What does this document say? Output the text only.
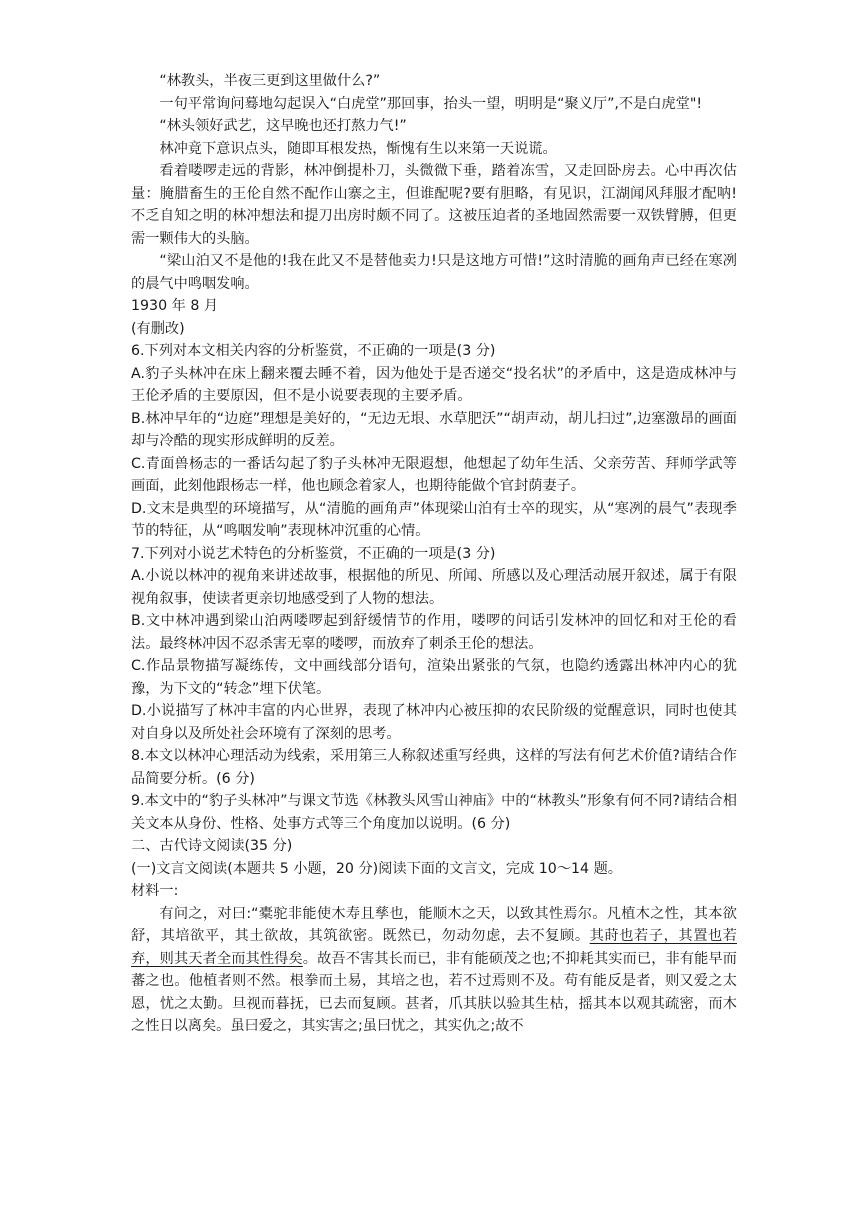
“林教头，半夜三更到这里做什么?”

一句平常询问蓦地勾起误入“白虎堂”那回事，抬头一望，明明是“聚义厅”,不是白虎堂"!

“林头领好武艺，这早晚也还打熬力气!”

林冲竟下意识点头，随即耳根发热，惭愧有生以来第一天说谎。

看着喽啰走远的背影，林冲倒提朴刀，头微微下垂，踏着冻雪，又走回卧房去。心中再次估量：腌腊畜生的王伦自然不配作山寨之主，但谁配呢?要有胆略，有见识，江湖闻风拜服才配呐!不乏自知之明的林冲想法和提刀出房时颇不同了。这被压迫者的圣地固然需要一双铁臂膊，但更需一颗伟大的头脑。

“梁山泊又不是他的!我在此又不是替他卖力!只是这地方可惜!”这时清脆的画角声已经在寒冽的晨气中鸣咽发响。

1930 年 8 月

(有删改)

6.下列对本文相关内容的分析鉴赏，不正确的一项是(3 分)

A.豹子头林冲在床上翻来覆去睡不着，因为他处于是否递交“投名状”的矛盾中，这是造成林冲与王伦矛盾的主要原因，但不是小说要表现的主要矛盾。

B.林冲早年的“边庭”理想是美好的，“无边无垠、水草肥沃”“胡声动，胡儿扫过”,边塞激昂的画面却与冷酷的现实形成鲜明的反差。

C.青面兽杨志的一番话勾起了豹子头林冲无限遐想，他想起了幼年生活、父亲劳苦、拜师学武等画面，此刻他跟杨志一样，他也顾念着家人，也期待能做个官封荫妻子。

D.文末是典型的环境描写，从“清脆的画角声”体现梁山泊有士卒的现实，从“寒冽的晨气”表现季节的特征，从“鸣咽发响”表现林冲沉重的心情。

7.下列对小说艺术特色的分析鉴赏，不正确的一项是(3 分)

A.小说以林冲的视角来讲述故事，根据他的所见、所闻、所感以及心理活动展开叙述，属于有限视角叙事，使读者更亲切地感受到了人物的想法。

B.文中林冲遇到梁山泊两喽啰起到舒缓情节的作用，喽啰的问话引发林冲的回忆和对王伦的看法。最终林冲因不忍杀害无辜的喽啰，而放弃了刺杀王伦的想法。

C.作品景物描写凝练传，文中画线部分语句，渲染出紧张的气氛，也隐约透露出林冲内心的犹豫，为下文的“转念”埋下伏笔。

D.小说描写了林冲丰富的内心世界，表现了林冲内心被压抑的农民阶级的觉醒意识，同时也使其对自身以及所处社会环境有了深刻的思考。

8.本文以林冲心理活动为线索，采用第三人称叙述重写经典，这样的写法有何艺术价值?请结合作品简要分析。(6 分)

9.本文中的“豹子头林冲”与课文节选《林教头风雪山神庙》中的“林教头”形象有何不同?请结合相关文本从身份、性格、处事方式等三个角度加以说明。(6 分)

二、古代诗文阅读(35 分)

(一)文言文阅读(本题共 5 小题，20 分)阅读下面的文言文，完成 10～14 题。

材料一:

有问之，对曰:“橐驼非能使木寿且孳也，能顺木之天，以致其性焉尔。凡植木之性，其本欲舒，其培欲平，其土欲故，其筑欲密。既然已，勿动勿虑，去不复顾。其莳也若子，其置也若弃，则其天者全而其性得矣。故吾不害其长而已，非有能硕茂之也;不抑耗其实而已，非有能早而蕃之也。他植者则不然。根拳而土易，其培之也，若不过焉则不及。苟有能反是者，则又爱之太恩，忧之太勤。旦视而暮抚，已去而复顾。甚者，爪其肤以验其生枯，摇其本以观其疏密，而木之性日以离矣。虽曰爱之，其实害之;虽曰忧之，其实仇之;故不
